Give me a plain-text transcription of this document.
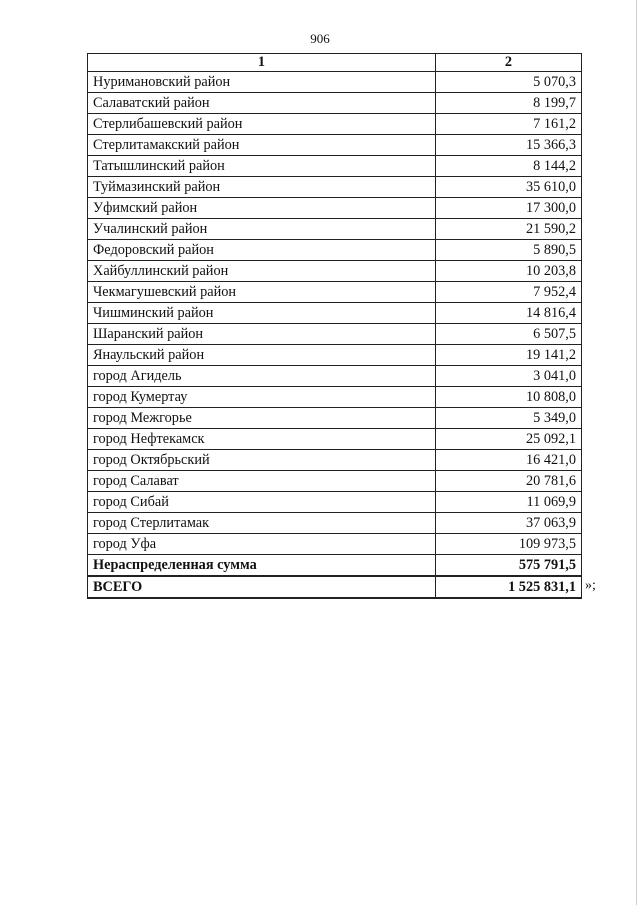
906
1	2
Нуримановский район	5 070,3
Салаватский район	8 199,7
Стерлибашевский район	7 161,2
Стерлитамакский район	15 366,3
Татышлинский район	8 144,2
Туймазинский район	35 610,0
Уфимский район	17 300,0
Учалинский район	21 590,2
Федоровский район	5 890,5
Хайбуллинский район	10 203,8
Чекмагушевский район	7 952,4
Чишминский район	14 816,4
Шаранский район	6 507,5
Янаульский район	19 141,2
город Агидель	3 041,0
город Кумертау	10 808,0
город Межгорье	5 349,0
город Нефтекамск	25 092,1
город Октябрьский	16 421,0
город Салават	20 781,6
город Сибай	11 069,9
город Стерлитамак	37 063,9
город Уфа	109 973,5
Нераспределенная сумма	575 791,5
ВСЕГО	1 525 831,1 »;
